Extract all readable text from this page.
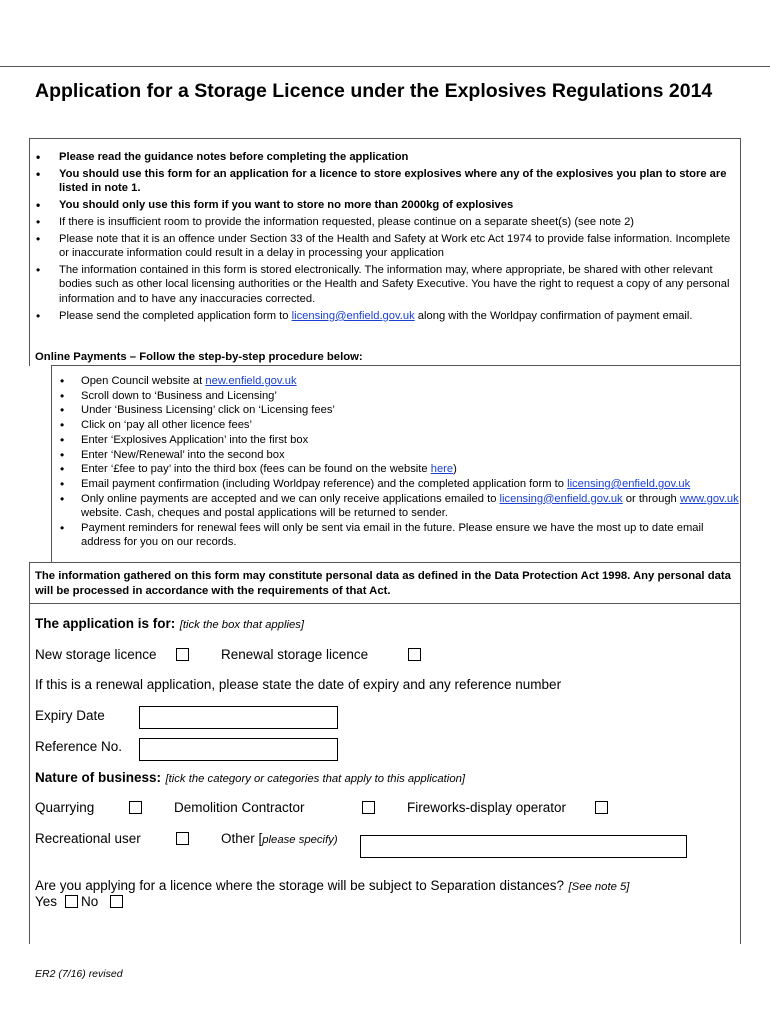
Application for a Storage Licence under the Explosives Regulations 2014
• Please read the guidance notes before completing the application
• You should use this form for an application for a licence to store explosives where any of the explosives you plan to store are listed in note 1.
• You should only use this form if you want to store no more than 2000kg of explosives
• If there is insufficient room to provide the information requested, please continue on a separate sheet(s) (see note 2)
• Please note that it is an offence under Section 33 of the Health and Safety at Work etc Act 1974 to provide false information. Incomplete or inaccurate information could result in a delay in processing your application
• The information contained in this form is stored electronically. The information may, where appropriate, be shared with other relevant bodies such as other local licensing authorities or the Health and Safety Executive. You have the right to request a copy of any personal information and to have any inaccuracies corrected.
• Please send the completed application form to licensing@enfield.gov.uk along with the Worldpay confirmation of payment email.
Online Payments – Follow the step-by-step procedure below:
• Open Council website at new.enfield.gov.uk
• Scroll down to ‘Business and Licensing’
• Under ‘Business Licensing’ click on ‘Licensing fees’
• Click on ‘pay all other licence fees’
• Enter ‘Explosives Application’ into the first box
• Enter ‘New/Renewal’ into the second box
• Enter ‘£fee to pay’ into the third box (fees can be found on the website here)
• Email payment confirmation (including Worldpay reference) and the completed application form to licensing@enfield.gov.uk
• Only online payments are accepted and we can only receive applications emailed to licensing@enfield.gov.uk or through www.gov.uk website. Cash, cheques and postal applications will be returned to sender.
• Payment reminders for renewal fees will only be sent via email in the future. Please ensure we have the most up to date email address for you on our records.
The information gathered on this form may constitute personal data as defined in the Data Protection Act 1998. Any personal data will be processed in accordance with the requirements of that Act.
The application is for: [tick the box that applies]
New storage licence	Renewal storage licence
If this is a renewal application, please state the date of expiry and any reference number
Expiry Date
Reference No.
Nature of business: [tick the category or categories that apply to this application]
Quarrying	Demolition Contractor	Fireworks-display operator
Recreational user	Other [please specify)
Are you applying for a licence where the storage will be subject to Separation distances? [See note 5]
Yes No
ER2 (7/16) revised
